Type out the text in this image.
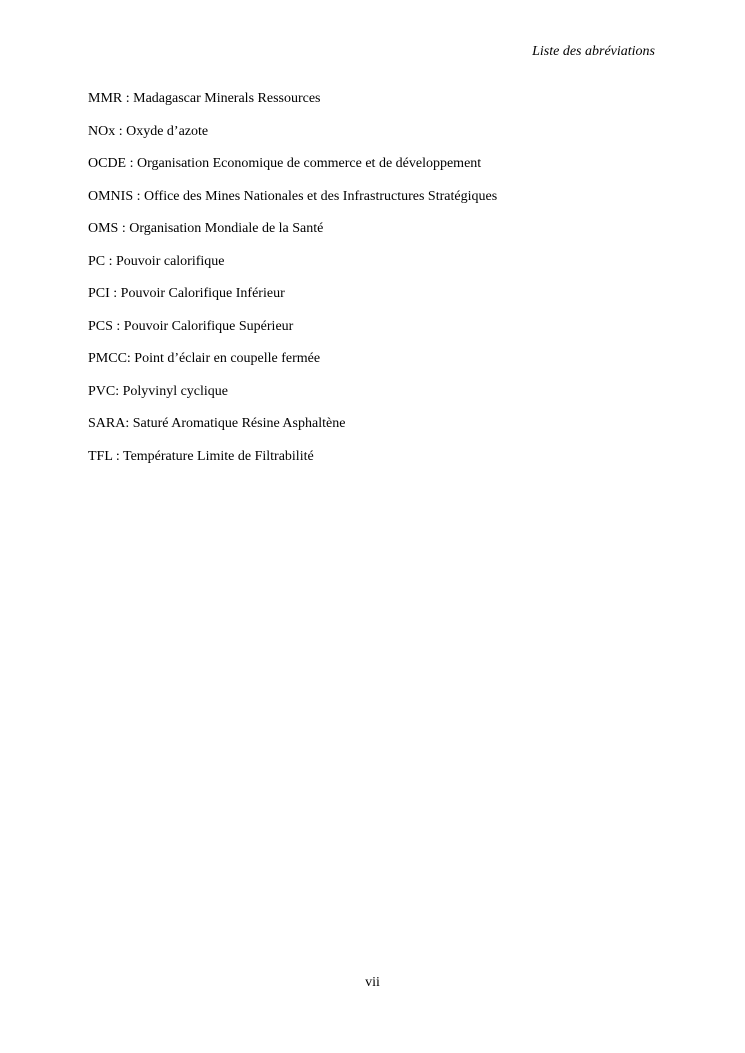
Liste des abréviations
MMR : Madagascar Minerals Ressources
NOx : Oxyde d’azote
OCDE : Organisation Economique de commerce et de développement
OMNIS : Office des Mines Nationales et des Infrastructures Stratégiques
OMS : Organisation Mondiale de la Santé
PC : Pouvoir calorifique
PCI : Pouvoir Calorifique Inférieur
PCS : Pouvoir Calorifique Supérieur
PMCC: Point d’éclair en coupelle fermée
PVC: Polyvinyl cyclique
SARA: Saturé Aromatique Résine Asphaltène
TFL : Température Limite de Filtrabilité
vii
